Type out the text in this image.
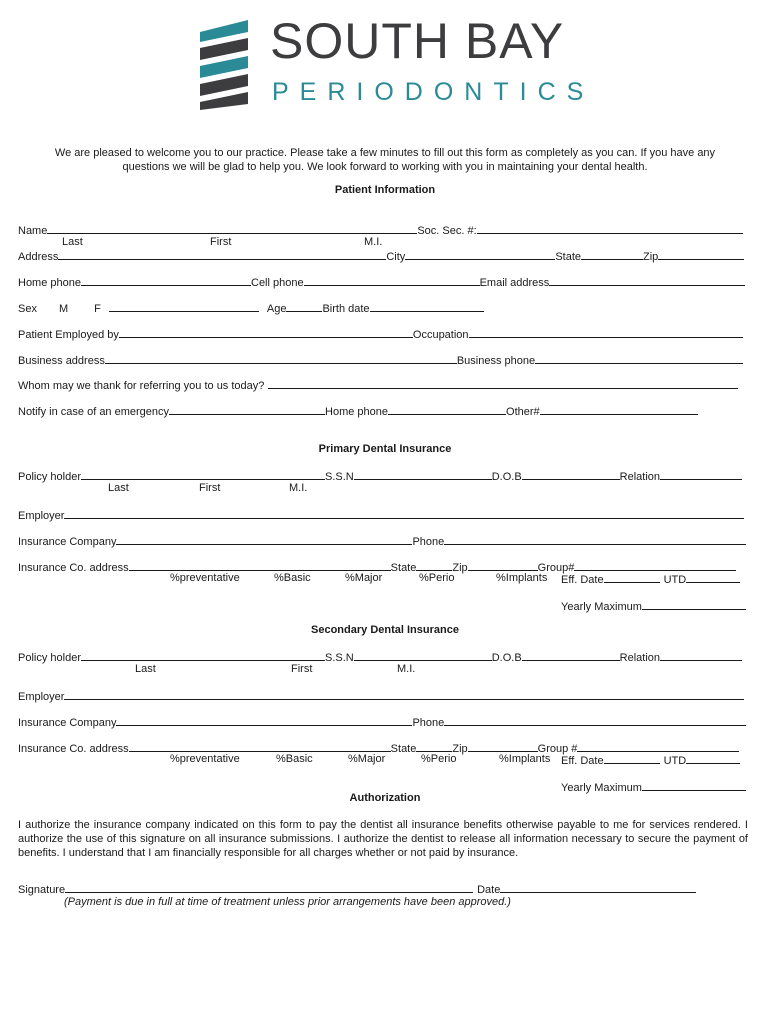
SOUTH BAY
PERIODONTICS
We are pleased to welcome you to our practice. Please take a few minutes to fill out this form as completely as you can. If you have any questions we will be glad to help you. We look forward to working with you in maintaining your dental health.
Patient Information
Name	Soc. Sec. #:
Last	First	M.I.
Address	City	State	Zip
Home phone	Cell phone	Email address
Sex M F	Age	Birth date
Patient Employed by	Occupation
Business address	Business phone
Whom may we thank for referring you to us today?
Notify in case of an emergency	Home phone	Other#
Primary Dental Insurance
Policy holder	S.S.N	D.O.B	Relation
Last	First	M.I.
Employer
Insurance Company	Phone
Insurance Co. address	State	Zip	Group#
%preventative	%Basic	%Major	%Perio	%Implants Eff. Date	UTD
Yearly Maximum
Secondary Dental Insurance
Policy holder	S.S.N	D.O.B	Relation
Last	First	M.I.
Employer
Insurance Company	Phone
Insurance Co. address	State	Zip	Group #
%preventative	%Basic	%Major	%Perio	%Implants Eff. Date	UTD
Yearly Maximum
Authorization
I authorize the insurance company indicated on this form to pay the dentist all insurance benefits otherwise payable to me for services rendered. I authorize the use of this signature on all insurance submissions. I authorize the dentist to release all information necessary to secure the payment of benefits. I understand that I am financially responsible for all charges whether or not paid by insurance.
Signature	Date
(Payment is due in full at time of treatment unless prior arrangements have been approved.)
